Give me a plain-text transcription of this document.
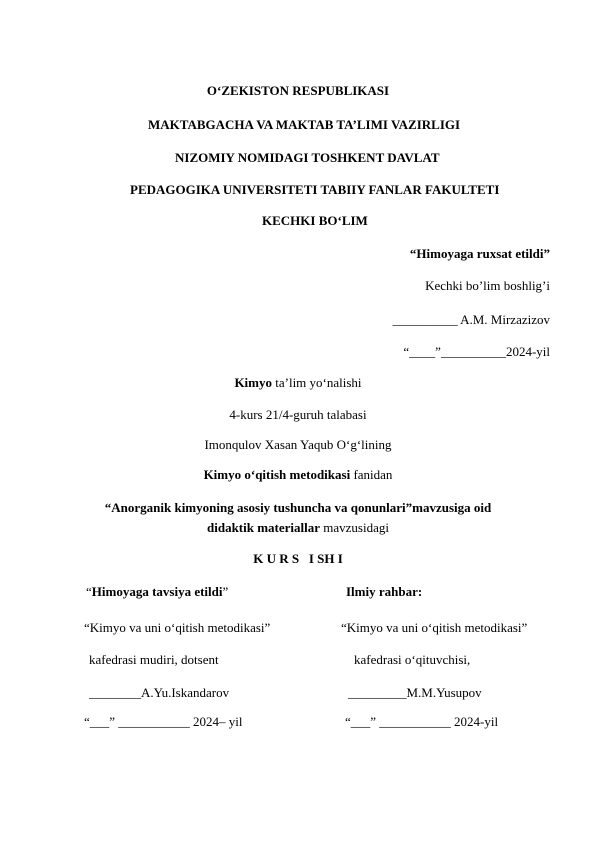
O‘ZEKISTON RESPUBLIKASI
MAKTABGACHA VA MAKTAB TA’LIMI VAZIRLIGI
NIZOMIY NOMIDAGI TOSHKENT DAVLAT
PEDAGOGIKA UNIVERSITETI TABIIY FANLAR FAKULTETI
KECHKI BO‘LIM
“Himoyaga ruxsat etildi”
Kechki bo’lim boshlig’i
__________ A.M. Mirzazizov
“____”__________2024-yil
Kimyo ta’lim yo‘nalishi
4-kurs 21/4-guruh talabasi
Imonqulov Xasan Yaqub O‘g‘lining
Kimyo o‘qitish metodikasi fanidan
“Anorganik kimyoning asosiy tushuncha va qonunlari”mavzusiga oid
didaktik materiallar mavzusidagi
K U R S   I SH I
“Himoyaga tavsiya etildi”
“Kimyo va uni o‘qitish metodikasi”
kafedrasi mudiri, dotsent
________A.Yu.Iskandarov
“___” ___________ 2024– yil
Ilmiy rahbar:
“Kimyo va uni o‘qitish metodikasi”
kafedrasi o‘qituvchisi,
_________M.M.Yusupov
“___” ___________ 2024-yil
